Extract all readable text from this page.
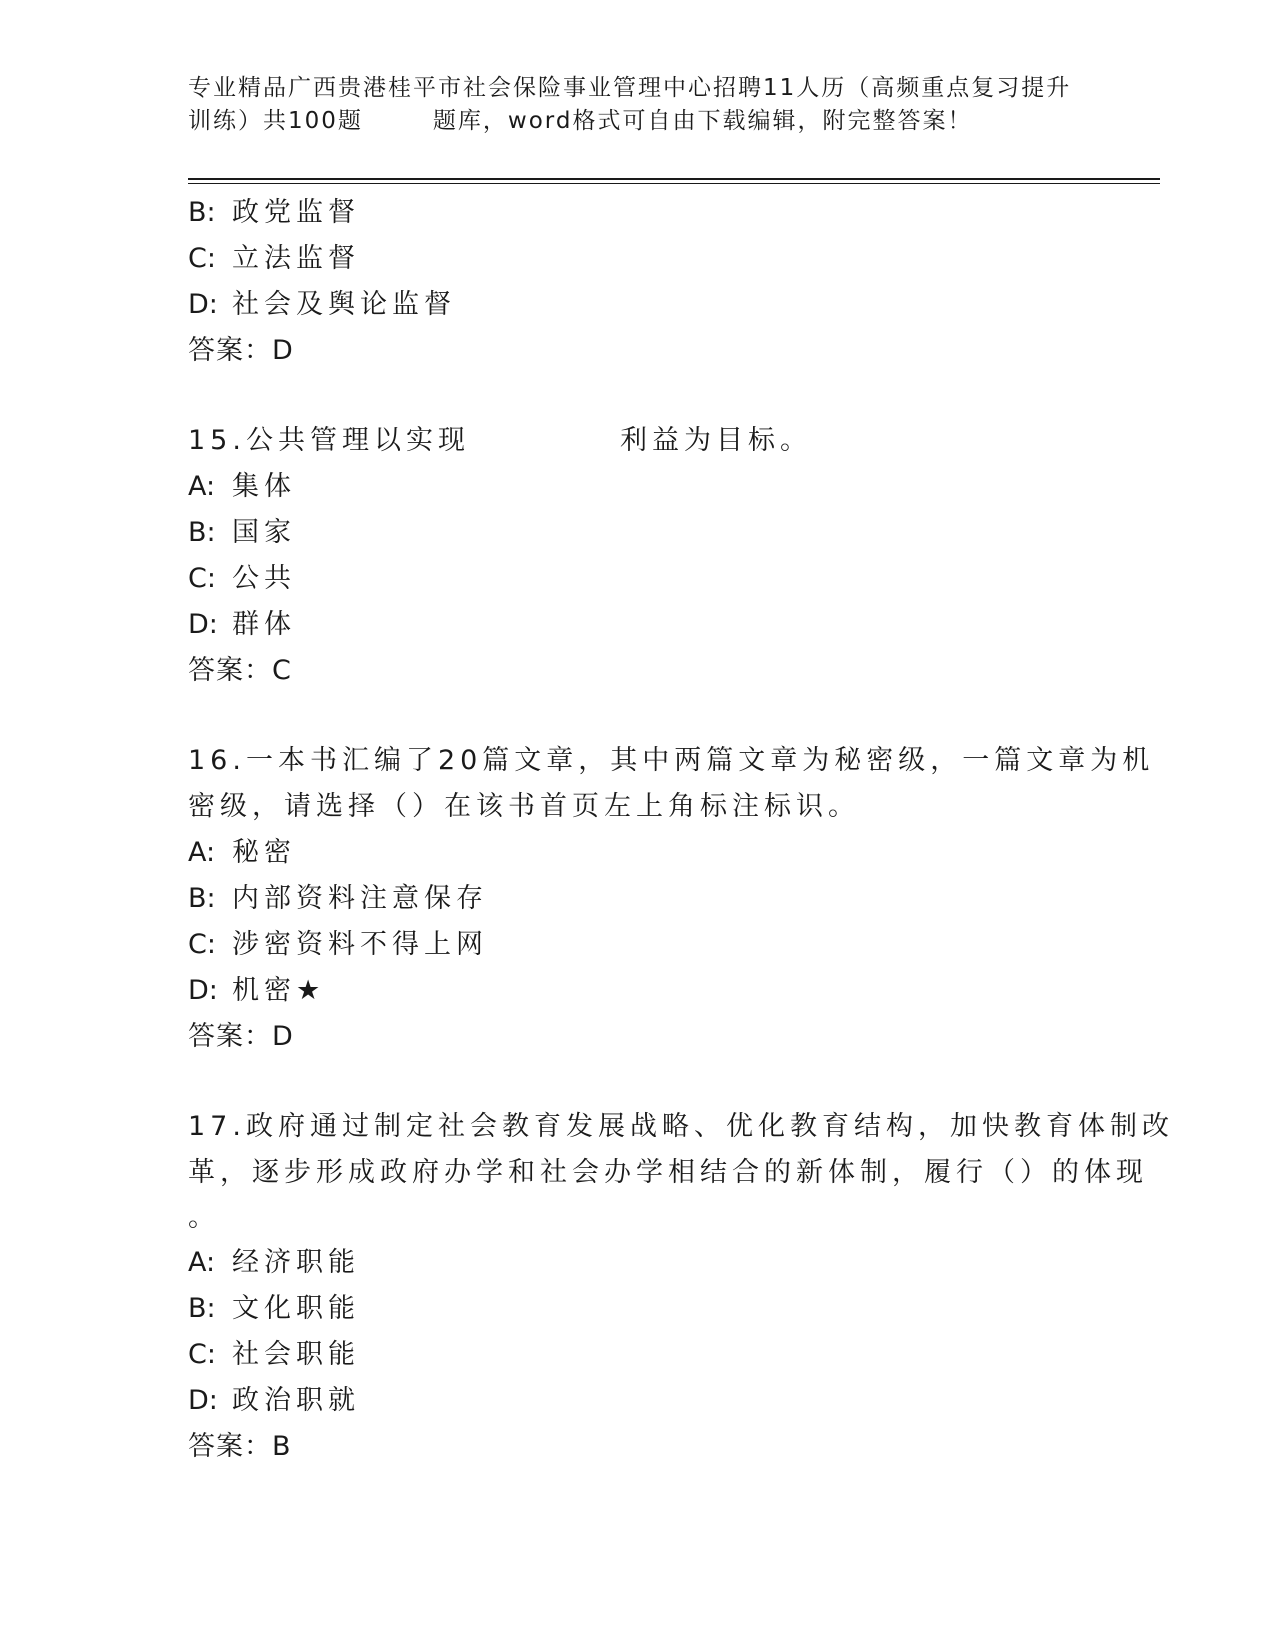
专业精品广西贵港桂平市社会保险事业管理中心招聘11人历（高频重点复习提升
训练）共100题	题库，word格式可自由下载编辑，附完整答案！
B: 政党监督
C: 立法监督
D: 社会及舆论监督
答案：D
15.公共管理以实现	利益为目标。
A: 集体
B: 国家
C: 公共
D: 群体
答案：C
16.一本书汇编了20篇文章，其中两篇文章为秘密级，一篇文章为机
密级，请选择（）在该书首页左上角标注标识。
A: 秘密
B: 内部资料注意保存
C: 涉密资料不得上网
D: 机密★
答案：D
17.政府通过制定社会教育发展战略、优化教育结构，加快教育体制改
革，逐步形成政府办学和社会办学相结合的新体制，履行（）的体现
。
A: 经济职能
B: 文化职能
C: 社会职能
D: 政治职就
答案：B
